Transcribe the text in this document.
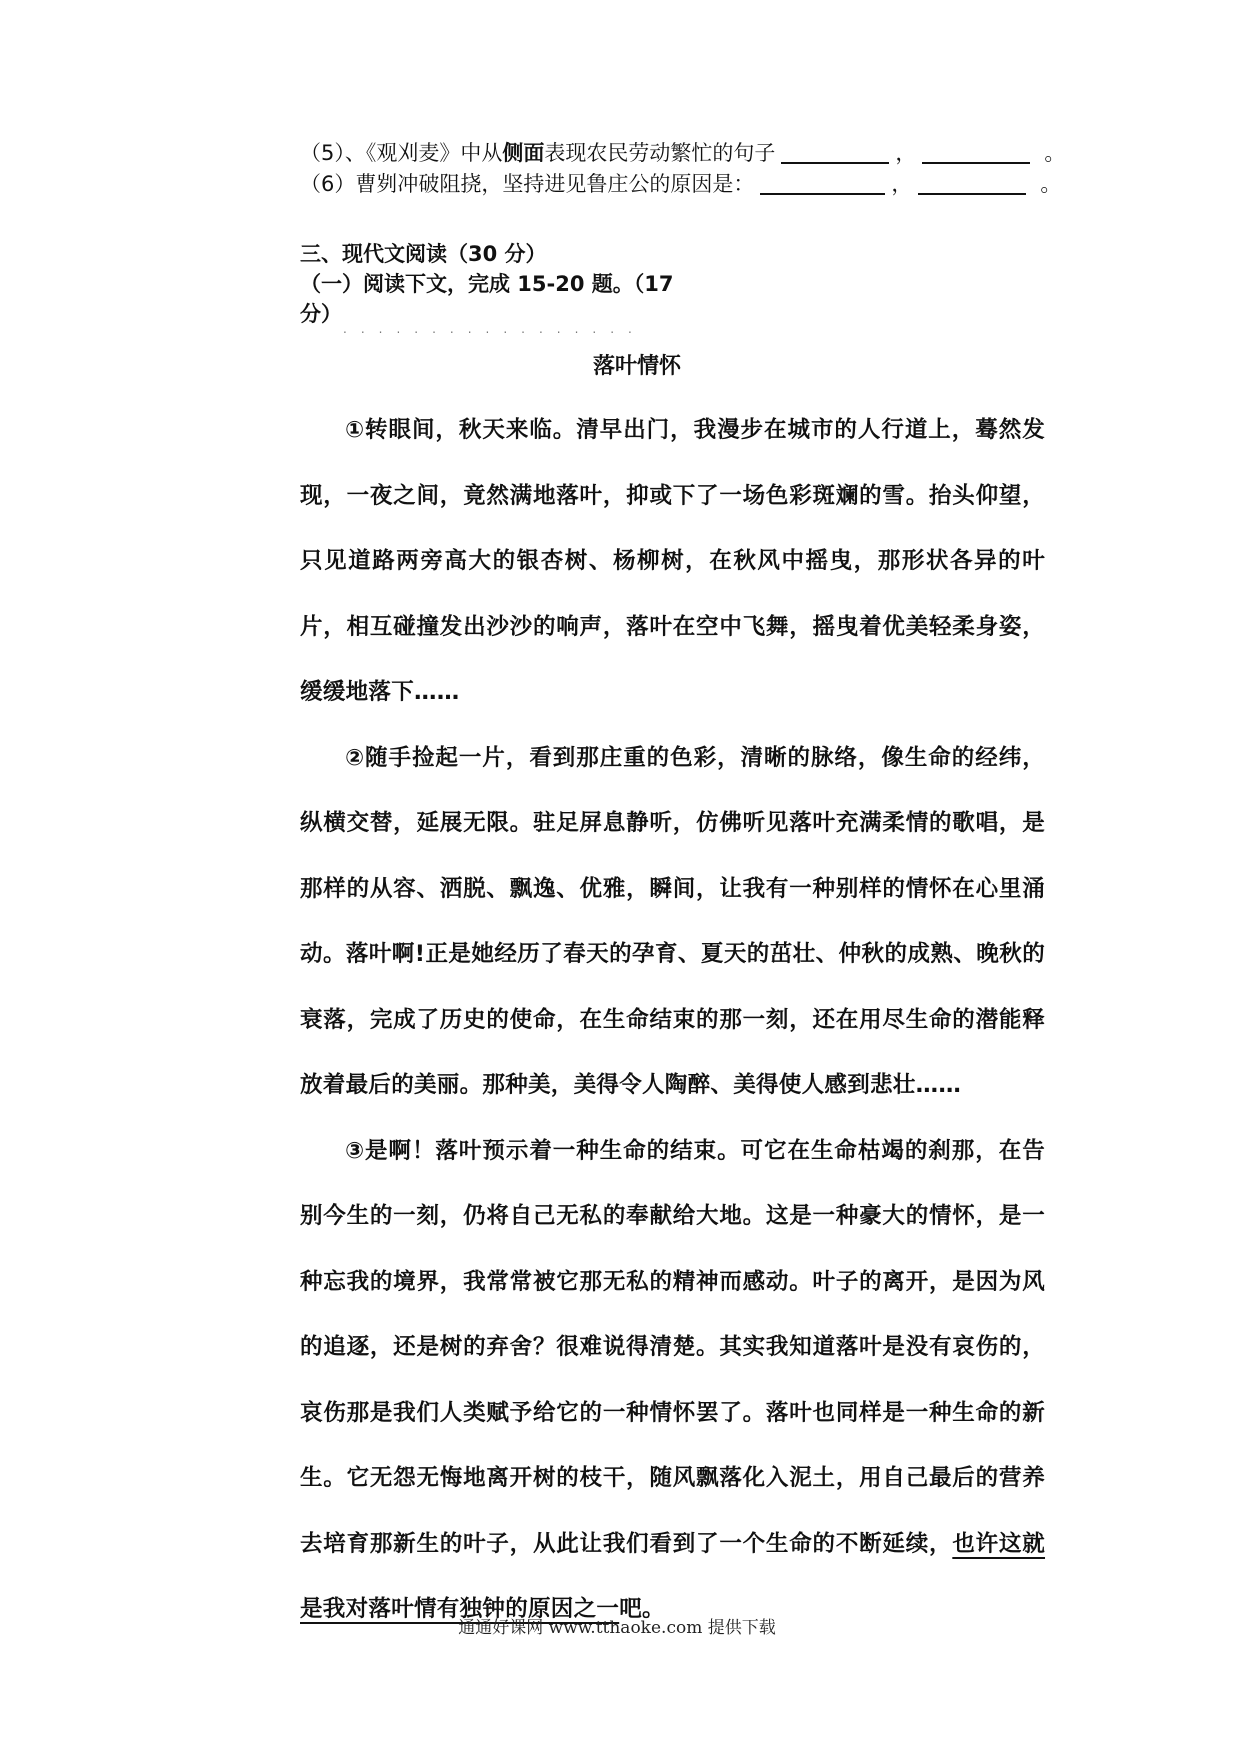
（5）、《观刈麦》中从侧面表现农民劳动繁忙的句子	，	。
（6）曹刿冲破阻挠，坚持进见鲁庄公的原因是：	，	。
三、现代文阅读（30 分）
（一）阅读下文，完成 15-20 题。（17
分）
.................
落叶情怀

①转眼间，秋天来临。清早出门，我漫步在城市的人行道上，蓦然发现，一夜之间，竟然满地落叶，抑或下了一场色彩斑斓的雪。抬头仰望，只见道路两旁高大的银杏树、杨柳树，在秋风中摇曳，那形状各异的叶片，相互碰撞发出沙沙的响声，落叶在空中飞舞，摇曳着优美轻柔身姿，缓缓地落下……

②随手捡起一片，看到那庄重的色彩，清晰的脉络，像生命的经纬，纵横交替，延展无限。驻足屏息静听，仿佛听见落叶充满柔情的歌唱，是那样的从容、洒脱、飘逸、优雅，瞬间，让我有一种别样的情怀在心里涌动。落叶啊!正是她经历了春天的孕育、夏天的茁壮、仲秋的成熟、晚秋的衰落，完成了历史的使命，在生命结束的那一刻，还在用尽生命的潜能释放着最后的美丽。那种美，美得令人陶醉、美得使人感到悲壮……

③是啊！落叶预示着一种生命的结束。可它在生命枯竭的刹那，在告别今生的一刻，仍将自己无私的奉献给大地。这是一种豪大的情怀，是一种忘我的境界，我常常被它那无私的精神而感动。叶子的离开，是因为风的追逐，还是树的弃舍？很难说得清楚。其实我知道落叶是没有哀伤的，哀伤那是我们人类赋予给它的一种情怀罢了。落叶也同样是一种生命的新生。它无怨无悔地离开树的枝干，随风飘落化入泥土，用自己最后的营养去培育那新生的叶子，从此让我们看到了一个生命的不断延续，也许这就是我对落叶情有独钟的原因之一吧。

通通好课网 www.tthaoke.com 提供下载
